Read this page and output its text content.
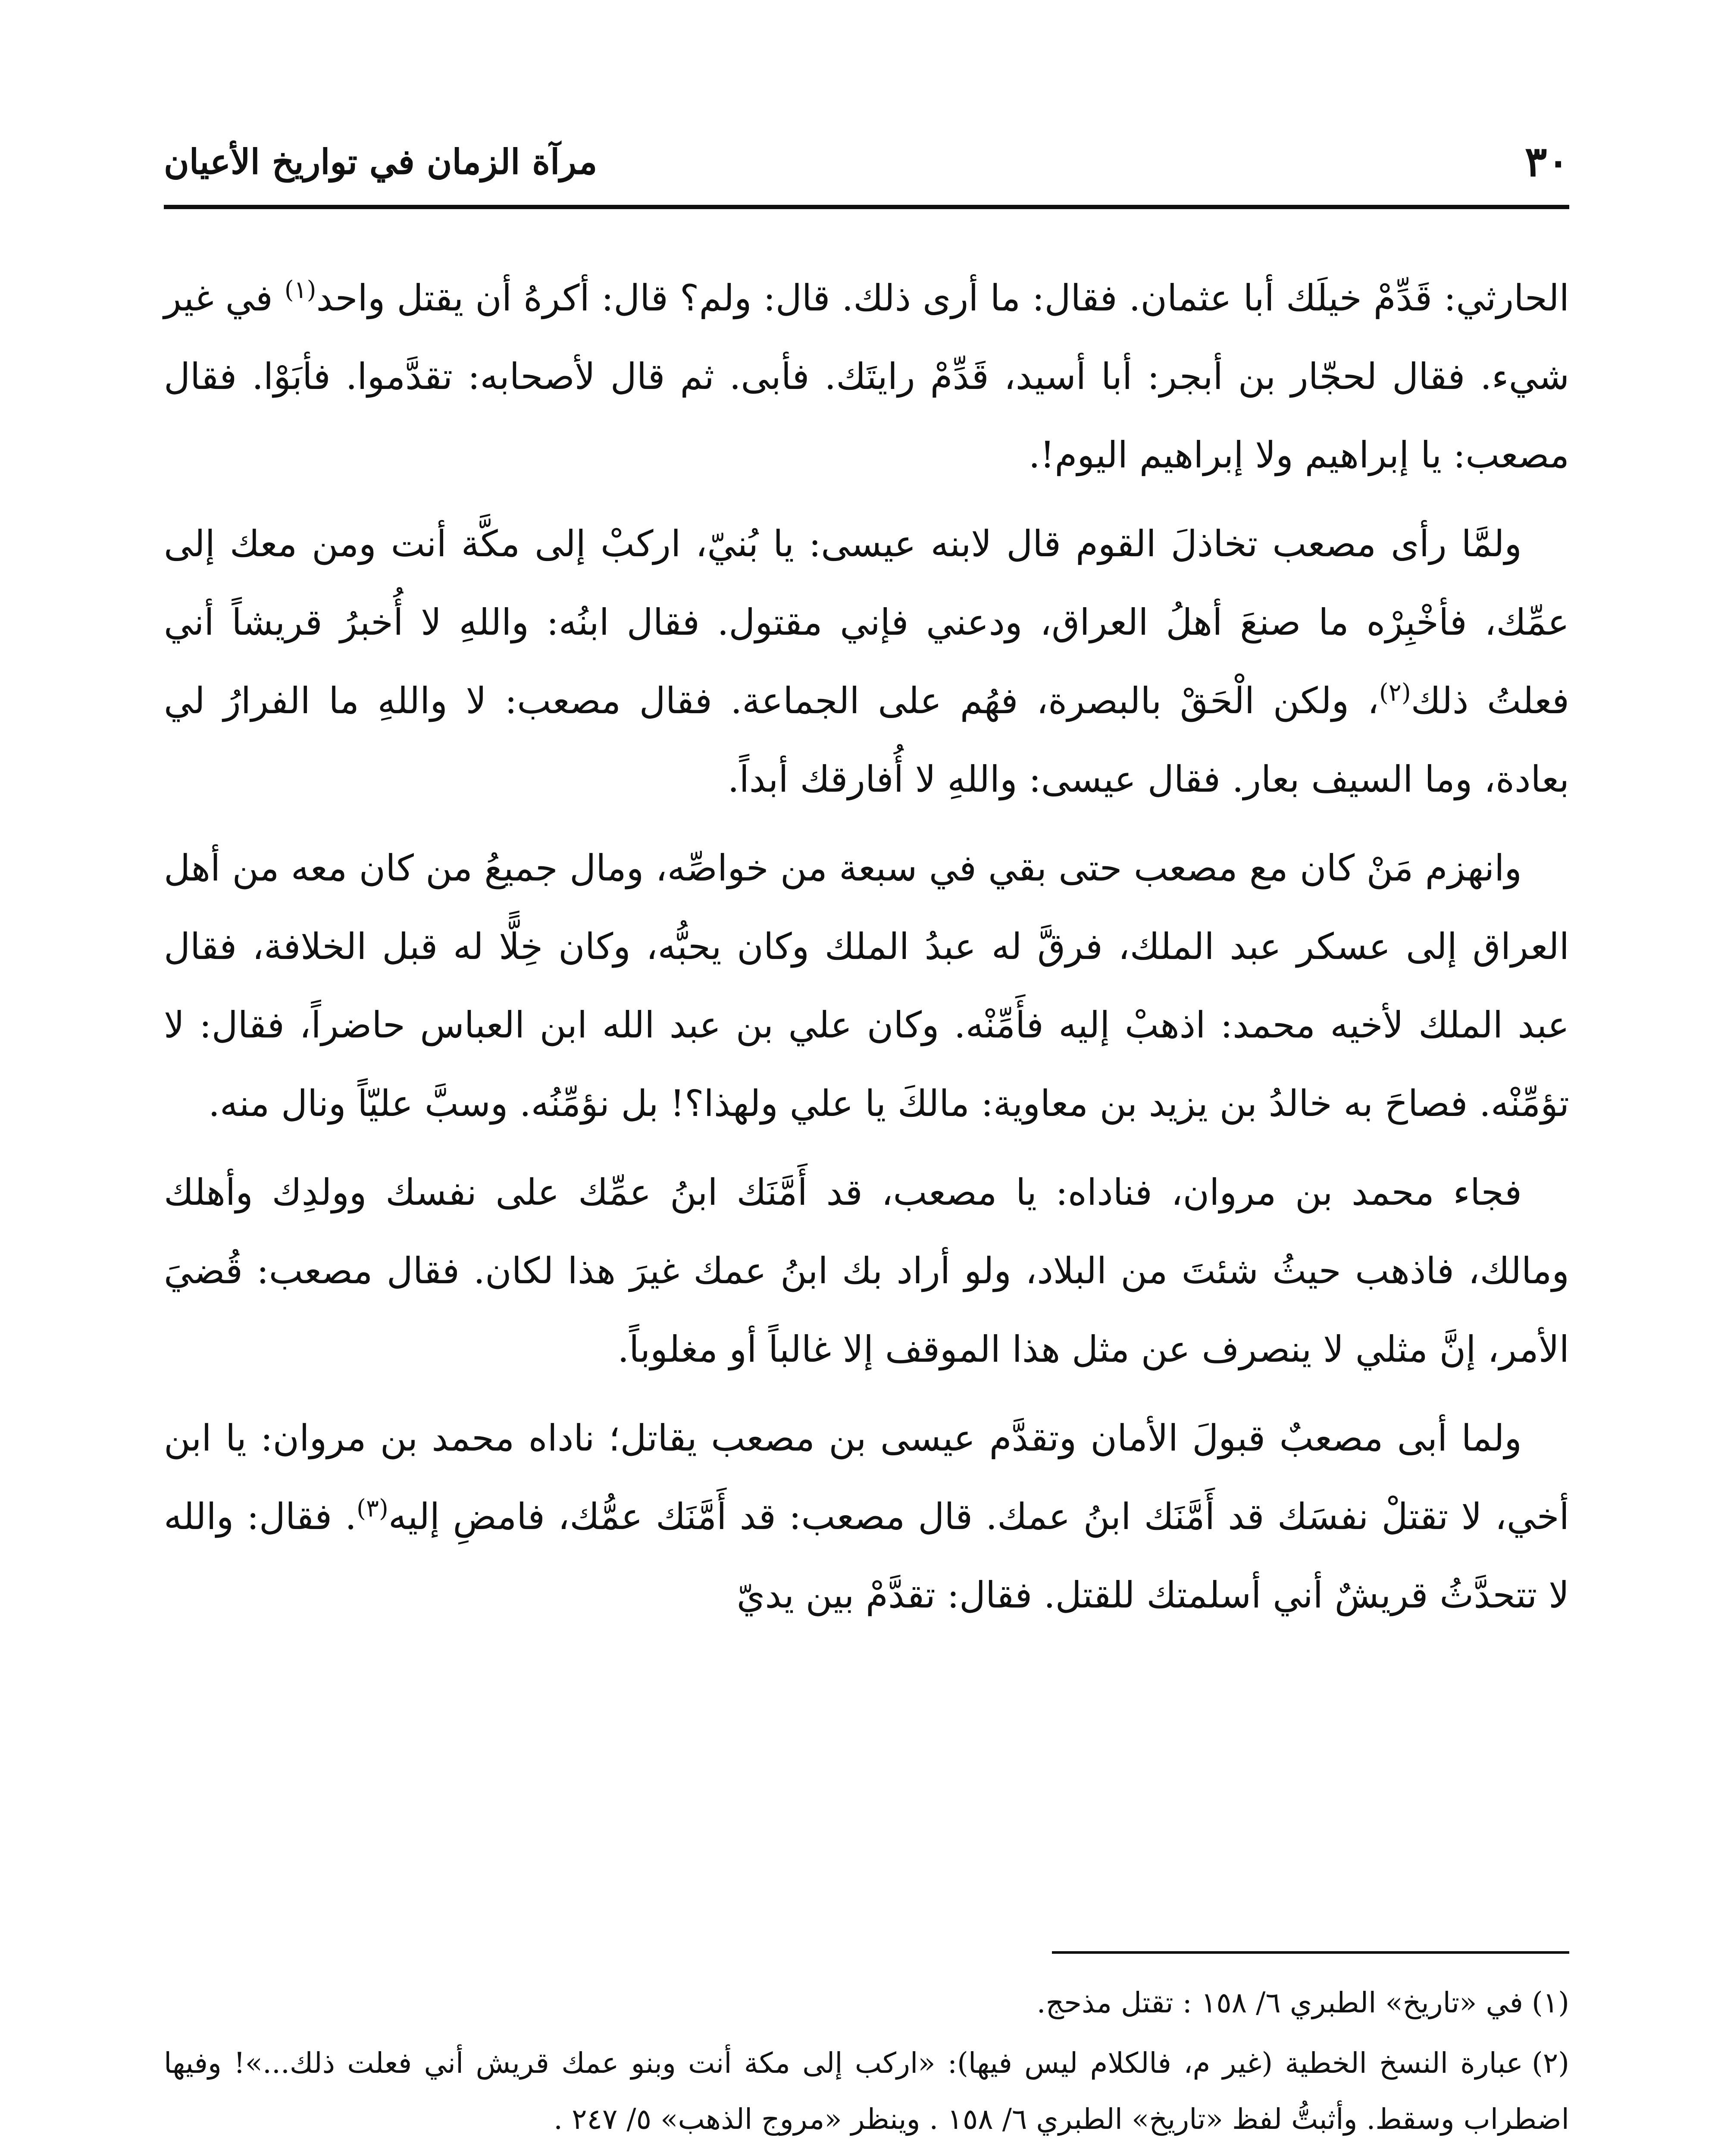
٣٠
مرآة الزمان في تواريخ الأعيان

الحارثي: قَدِّمْ خيلَك أبا عثمان. فقال: ما أرى ذلك. قال: ولم؟ قال: أكرهُ أن يقتل واحد$^{(١)}$ في غير شيء. فقال لحجّار بن أبجر: أبا أسيد، قَدِّمْ رايتَك. فأبى. ثم قال لأصحابه: تقدَّموا. فأبَوْا. فقال مصعب: يا إبراهيم ولا إبراهيم اليوم!.

ولمَّا رأى مصعب تخاذلَ القوم قال لابنه عيسى: يا بُنيّ، اركبْ إلى مكَّة أنت ومن معك إلى عمِّك، فأخْبِرْه ما صنعَ أهلُ العراق، ودعني فإني مقتول. فقال ابنُه: واللهِ لا أُخبرُ قريشاً أني فعلتُ ذلك$^{(٢)}$، ولكن الْحَقْ بالبصرة، فهُم على الجماعة. فقال مصعب: لا واللهِ ما الفرارُ لي بعادة، وما السيف بعار. فقال عيسى: واللهِ لا أُفارقك أبداً.

وانهزم مَنْ كان مع مصعب حتى بقي في سبعة من خواصِّه، ومال جميعُ من كان معه من أهل العراق إلى عسكر عبد الملك، فرقَّ له عبدُ الملك وكان يحبُّه، وكان خِلًّا له قبل الخلافة، فقال عبد الملك لأخيه محمد: اذهبْ إليه فأَمِّنْه. وكان علي بن عبد الله ابن العباس حاضراً، فقال: لا تؤمِّنْه. فصاحَ به خالدُ بن يزيد بن معاوية: مالكَ يا علي ولهذا؟! بل نؤمِّنُه. وسبَّ عليّاً ونال منه.

فجاء محمد بن مروان، فناداه: يا مصعب، قد أَمَّنَك ابنُ عمِّك على نفسك وولدِك وأهلك ومالك، فاذهب حيثُ شئتَ من البلاد، ولو أراد بك ابنُ عمك غيرَ هذا لكان. فقال مصعب: قُضيَ الأمر، إنَّ مثلي لا ينصرف عن مثل هذا الموقف إلا غالباً أو مغلوباً.

ولما أبى مصعبٌ قبولَ الأمان وتقدَّم عيسى بن مصعب يقاتل؛ ناداه محمد بن مروان: يا ابن أخي، لا تقتلْ نفسَك قد أَمَّنَك ابنُ عمك. قال مصعب: قد أَمَّنَك عمُّك، فامضِ إليه$^{(٣)}$. فقال: والله لا تتحدَّثُ قريشٌ أني أسلمتك للقتل. فقال: تقدَّمْ بين يديّ

(١)في «تاريخ» الطبري ٦/ ١٥٨ : تقتل مذحج.

(٢)عبارة النسخ الخطية (غير م، فالكلام ليس فيها): «اركب إلى مكة أنت وبنو عمك قريش أني فعلت ذلك...»! وفيها اضطراب وسقط. وأثبتُّ لفظ «تاريخ» الطبري ٦/ ١٥٨ . وينظر «مروج الذهب» ٥/ ٢٤٧ .
